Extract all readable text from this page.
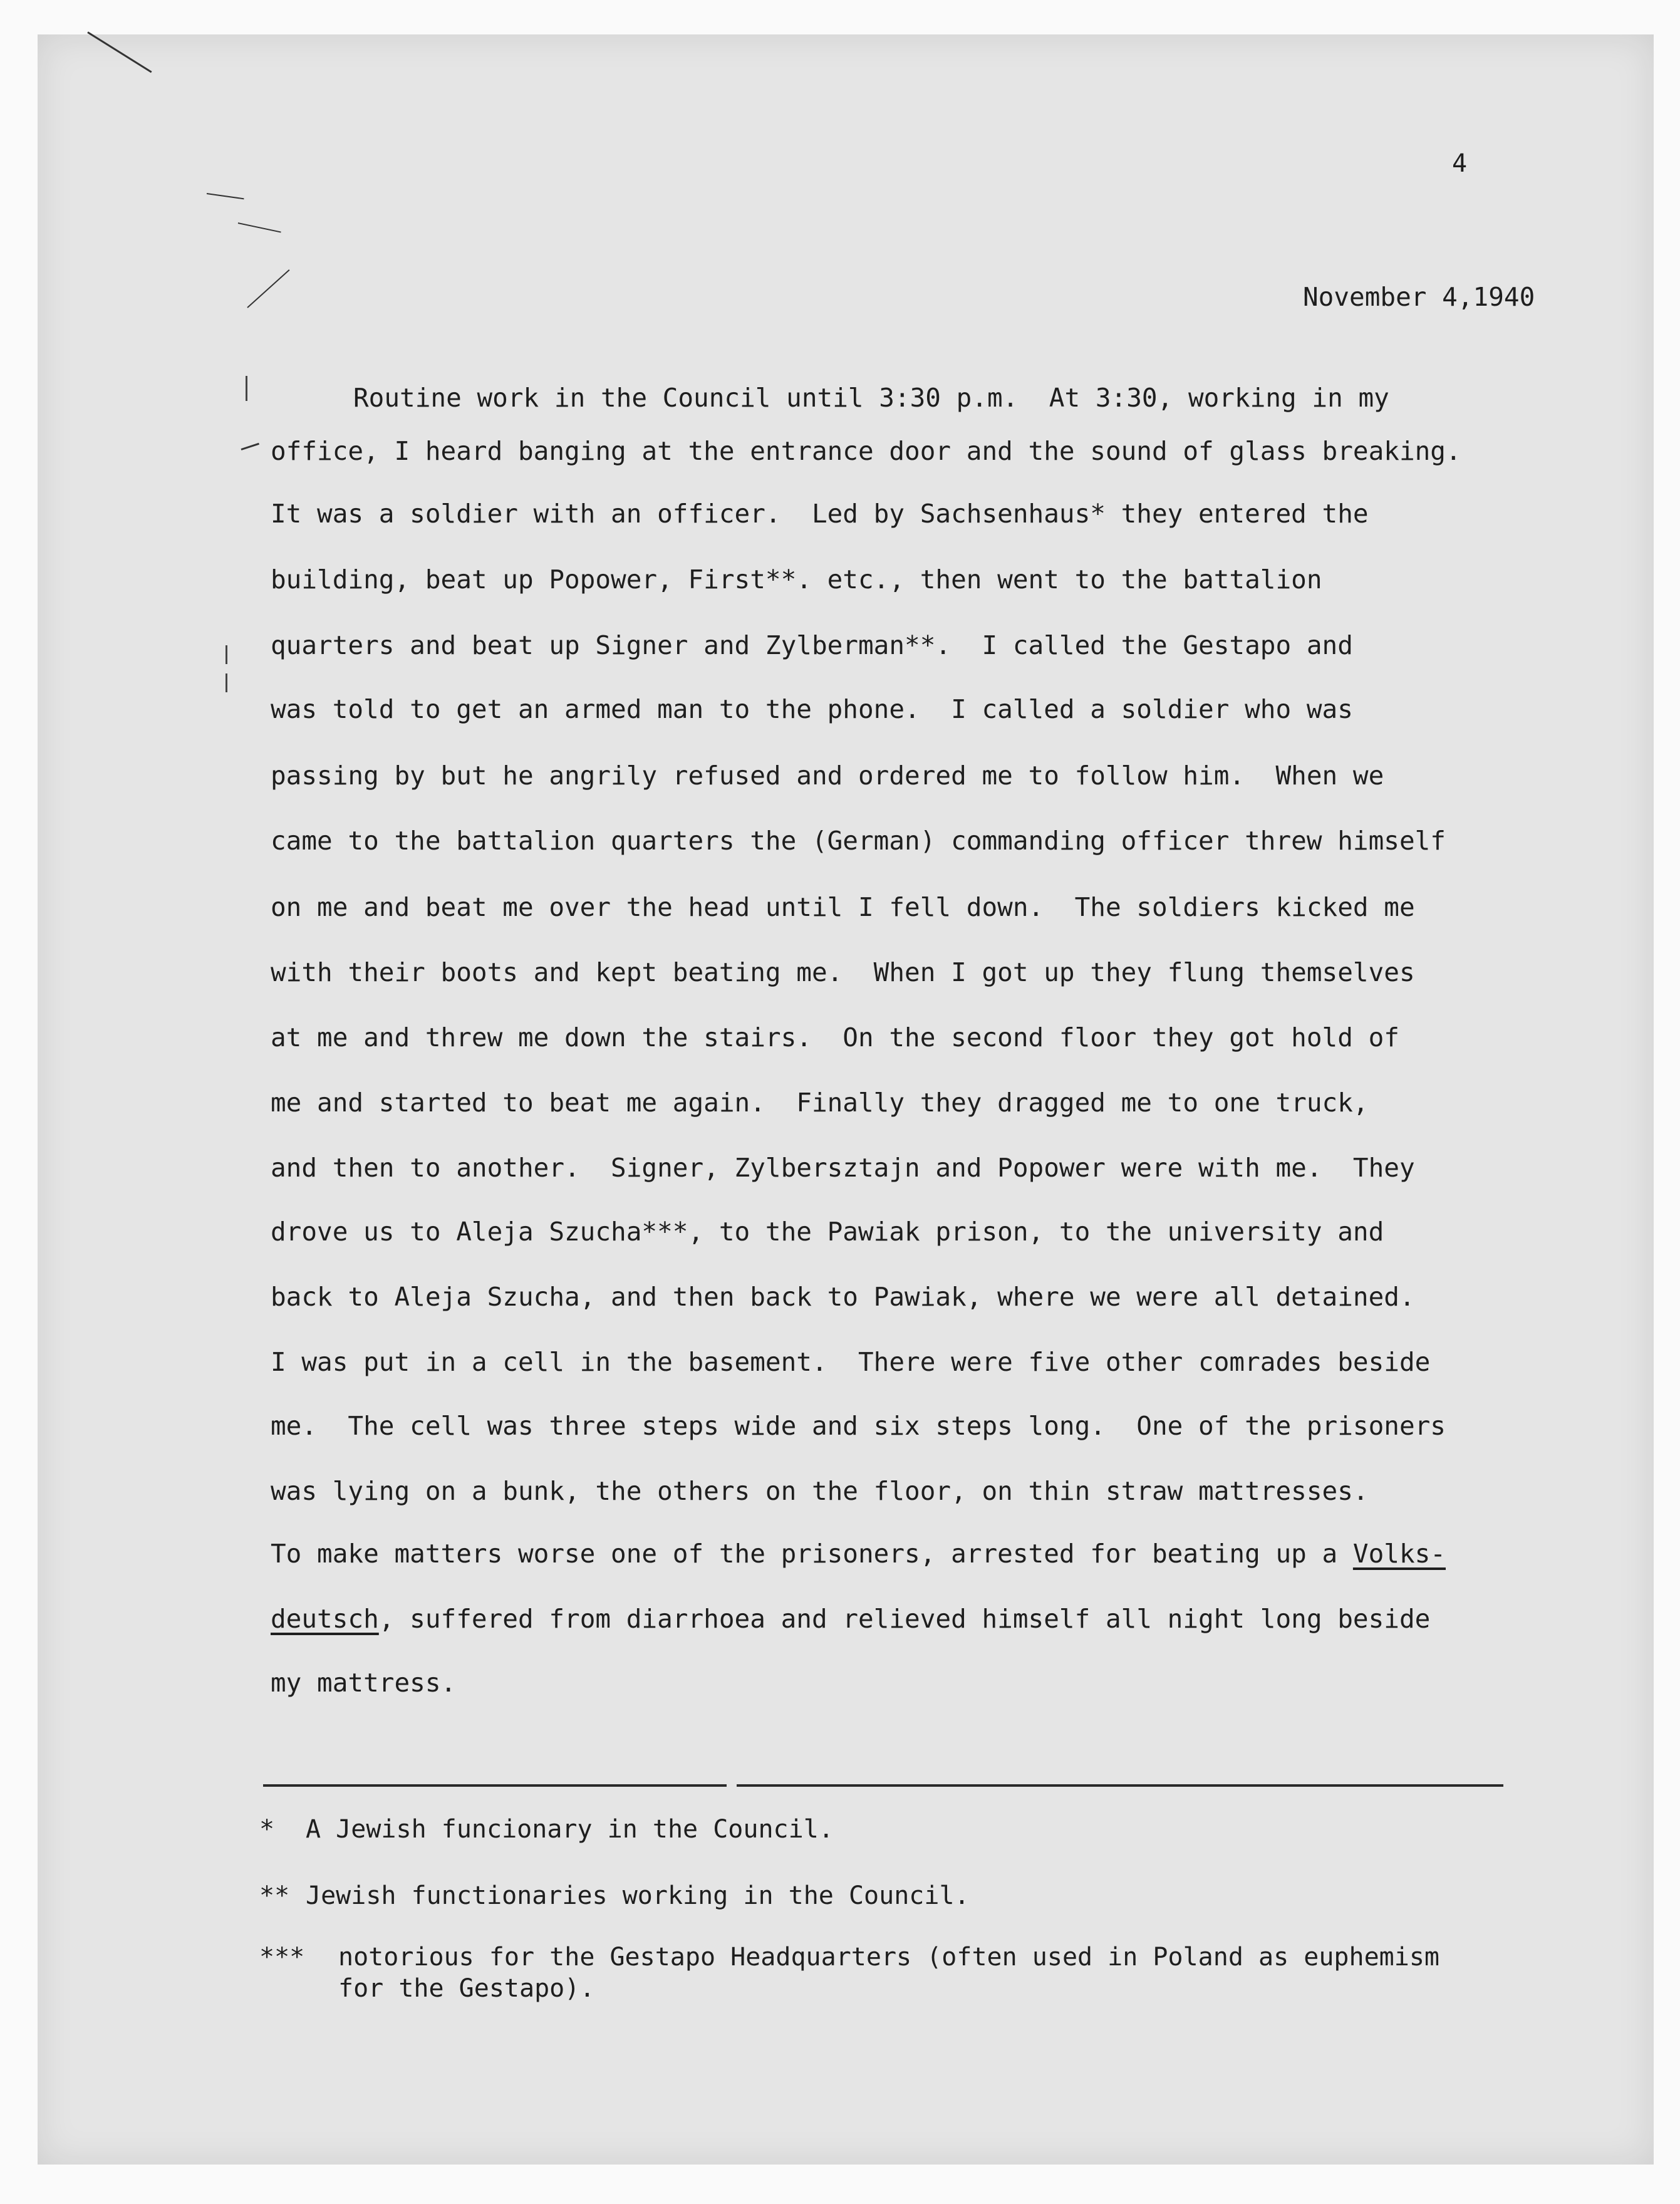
4
November 4,1940
Routine work in the Council until 3:30 p.m.  At 3:30, working in my
office, I heard banging at the entrance door and the sound of glass breaking.
It was a soldier with an officer.  Led by Sachsenhaus* they entered the
building, beat up Popower, First**. etc., then went to the battalion
quarters and beat up Signer and Zylberman**.  I called the Gestapo and
was told to get an armed man to the phone.  I called a soldier who was
passing by but he angrily refused and ordered me to follow him.  When we
came to the battalion quarters the (German) commanding officer threw himself
on me and beat me over the head until I fell down.  The soldiers kicked me
with their boots and kept beating me.  When I got up they flung themselves
at me and threw me down the stairs.  On the second floor they got hold of
me and started to beat me again.  Finally they dragged me to one truck,
and then to another.  Signer, Zylbersztajn and Popower were with me.  They
drove us to Aleja Szucha***, to the Pawiak prison, to the university and
back to Aleja Szucha, and then back to Pawiak, where we were all detained.
I was put in a cell in the basement.  There were five other comrades beside
me.  The cell was three steps wide and six steps long.  One of the prisoners
was lying on a bunk, the others on the floor, on thin straw mattresses.
To make matters worse one of the prisoners, arrested for beating up a Volks-
deutsch, suffered from diarrhoea and relieved himself all night long beside
my mattress.
* A Jewish funcionary in the Council.
** Jewish functionaries working in the Council.
*** notorious for the Gestapo Headquarters (often used in Poland as euphemism
for the Gestapo).
